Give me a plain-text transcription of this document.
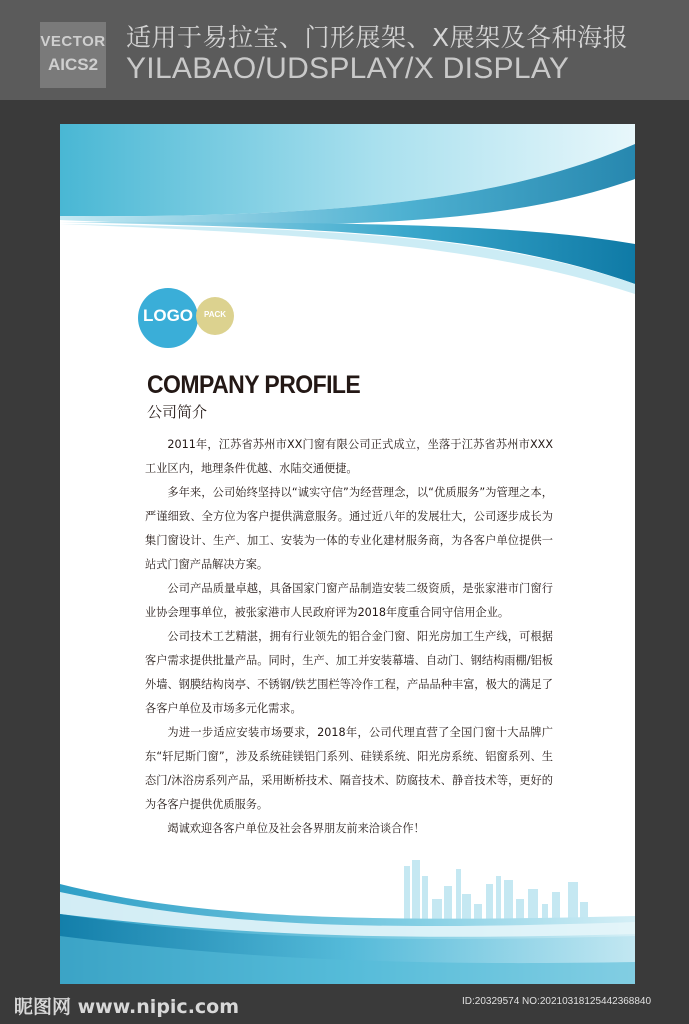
VECTOR
AICS2
适用于易拉宝、门形展架、X展架及各种海报
YILABAO/UDSPLAY/X DISPLAY
LOGO	PACK
COMPANY PROFILE
公司简介

2011年，江苏省苏州市XX门窗有限公司正式成立，坐落于江苏省苏州市XXX工业区内，地理条件优越、水陆交通便捷。

多年来，公司始终坚持以“诚实守信”为经营理念，以“优质服务”为管理之本，严谨细致、全方位为客户提供满意服务。通过近八年的发展壮大，公司逐步成长为集门窗设计、生产、加工、安装为一体的专业化建材服务商，为各客户单位提供一站式门窗产品解决方案。

公司产品质量卓越，具备国家门窗产品制造安装二级资质，是张家港市门窗行业协会理事单位，被张家港市人民政府评为2018年度重合同守信用企业。

公司技术工艺精湛，拥有行业领先的铝合金门窗、阳光房加工生产线，可根据客户需求提供批量产品。同时，生产、加工并安装幕墙、自动门、钢结构雨棚/铝板外墙、钢膜结构岗亭、不锈钢/铁艺围栏等冷作工程，产品品种丰富，极大的满足了各客户单位及市场多元化需求。

为进一步适应安装市场要求，2018年，公司代理直营了全国门窗十大品牌广东“轩尼斯门窗”，涉及系统硅镁铝门系列、硅镁系统、阳光房系统、铝窗系列、生态门/沐浴房系列产品，采用断桥技术、隔音技术、防腐技术、静音技术等，更好的为各客户提供优质服务。

竭诚欢迎各客户单位及社会各界朋友前来洽谈合作！

昵图网 www.nipic.com	ID:20329574 NO:20210318125442368840
